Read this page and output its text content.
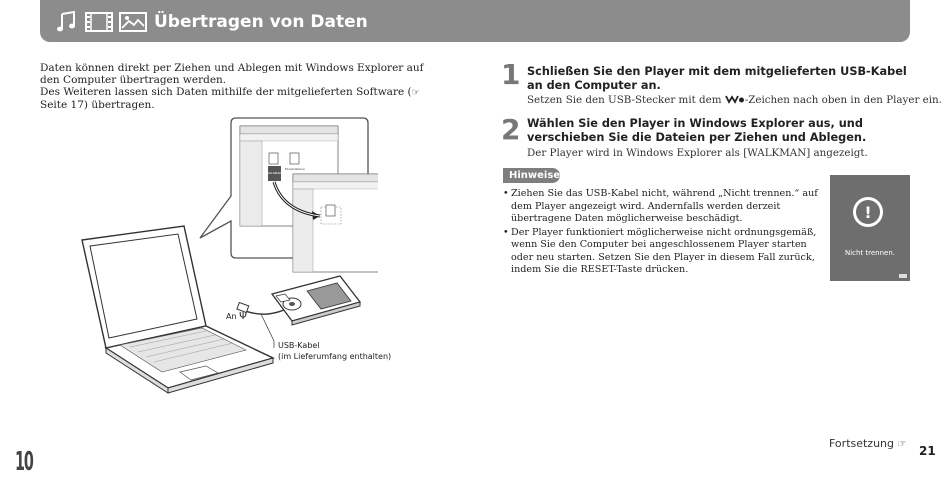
Übertragen von Daten

Daten können direkt per Ziehen und Ablegen mit Windows Explorer auf den Computer übertragen werden.

Des Weiteren lassen sich Daten mithilfe der mitgelieferten Software (☞ Seite 17) übertragen.

WALKMAN
Musikdateien
An Ψ
USB-Kabel
(im Lieferumfang enthalten)
1 Schließen Sie den Player mit dem mitgelieferten USB-Kabel an den Computer an.
Setzen Sie den USB-Stecker mit dem -Zeichen nach oben in den Player ein.
2 Wählen Sie den Player in Windows Explorer aus, und verschieben Sie die Dateien per Ziehen und Ablegen.
Der Player wird in Windows Explorer als [WALKMAN] angezeigt.
Hinweise
• Ziehen Sie das USB-Kabel nicht, während „Nicht trennen.“ auf dem Player angezeigt wird. Andernfalls werden derzeit übertragene Daten möglicherweise beschädigt.
• Der Player funktioniert möglicherweise nicht ordnungsgemäß, wenn Sie den Computer bei angeschlossenem Player starten oder neu starten. Setzen Sie den Player in diesem Fall zurück, indem Sie die RESET-Taste drücken.
!
Nicht trennen.
Fortsetzung ☞ 21
10
